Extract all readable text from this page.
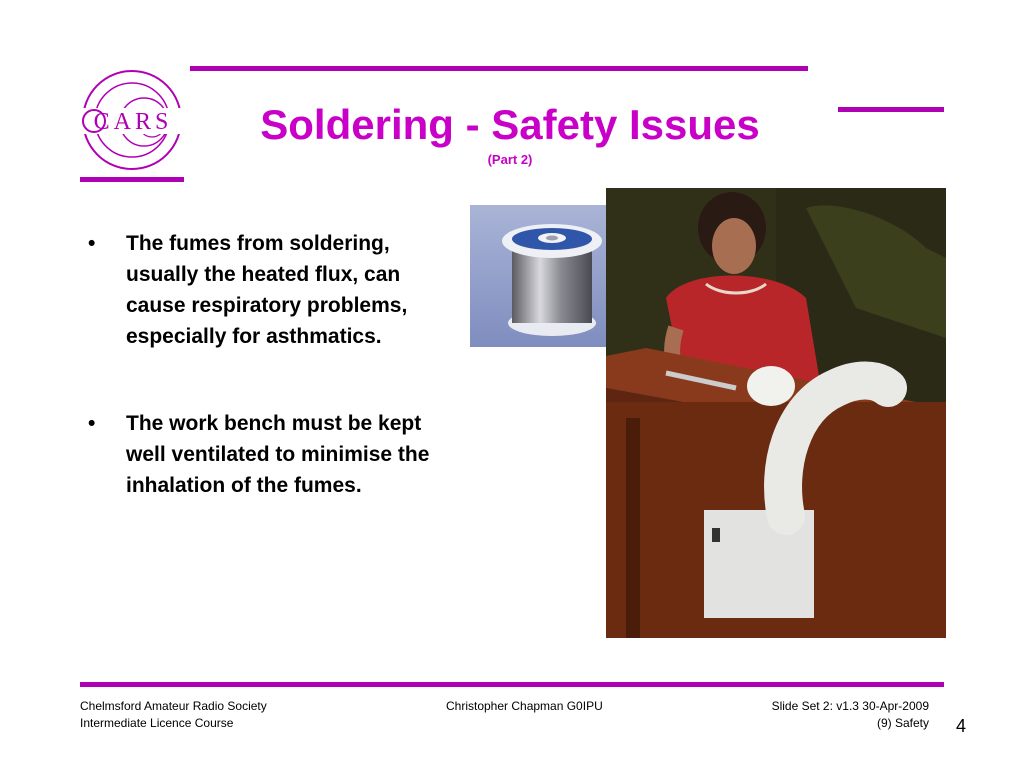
CARS	Soldering - Safety Issues
(Part 2)
• The fumes from soldering, usually the heated flux, can cause respiratory problems, especially for asthmatics.
• The work bench must be kept well ventilated to minimise the inhalation of the fumes.
Chelmsford Amateur Radio Society
Intermediate Licence Course
Christopher Chapman G0IPU	Slide Set 2: v1.3 30-Apr-2009
(9) Safety 4
